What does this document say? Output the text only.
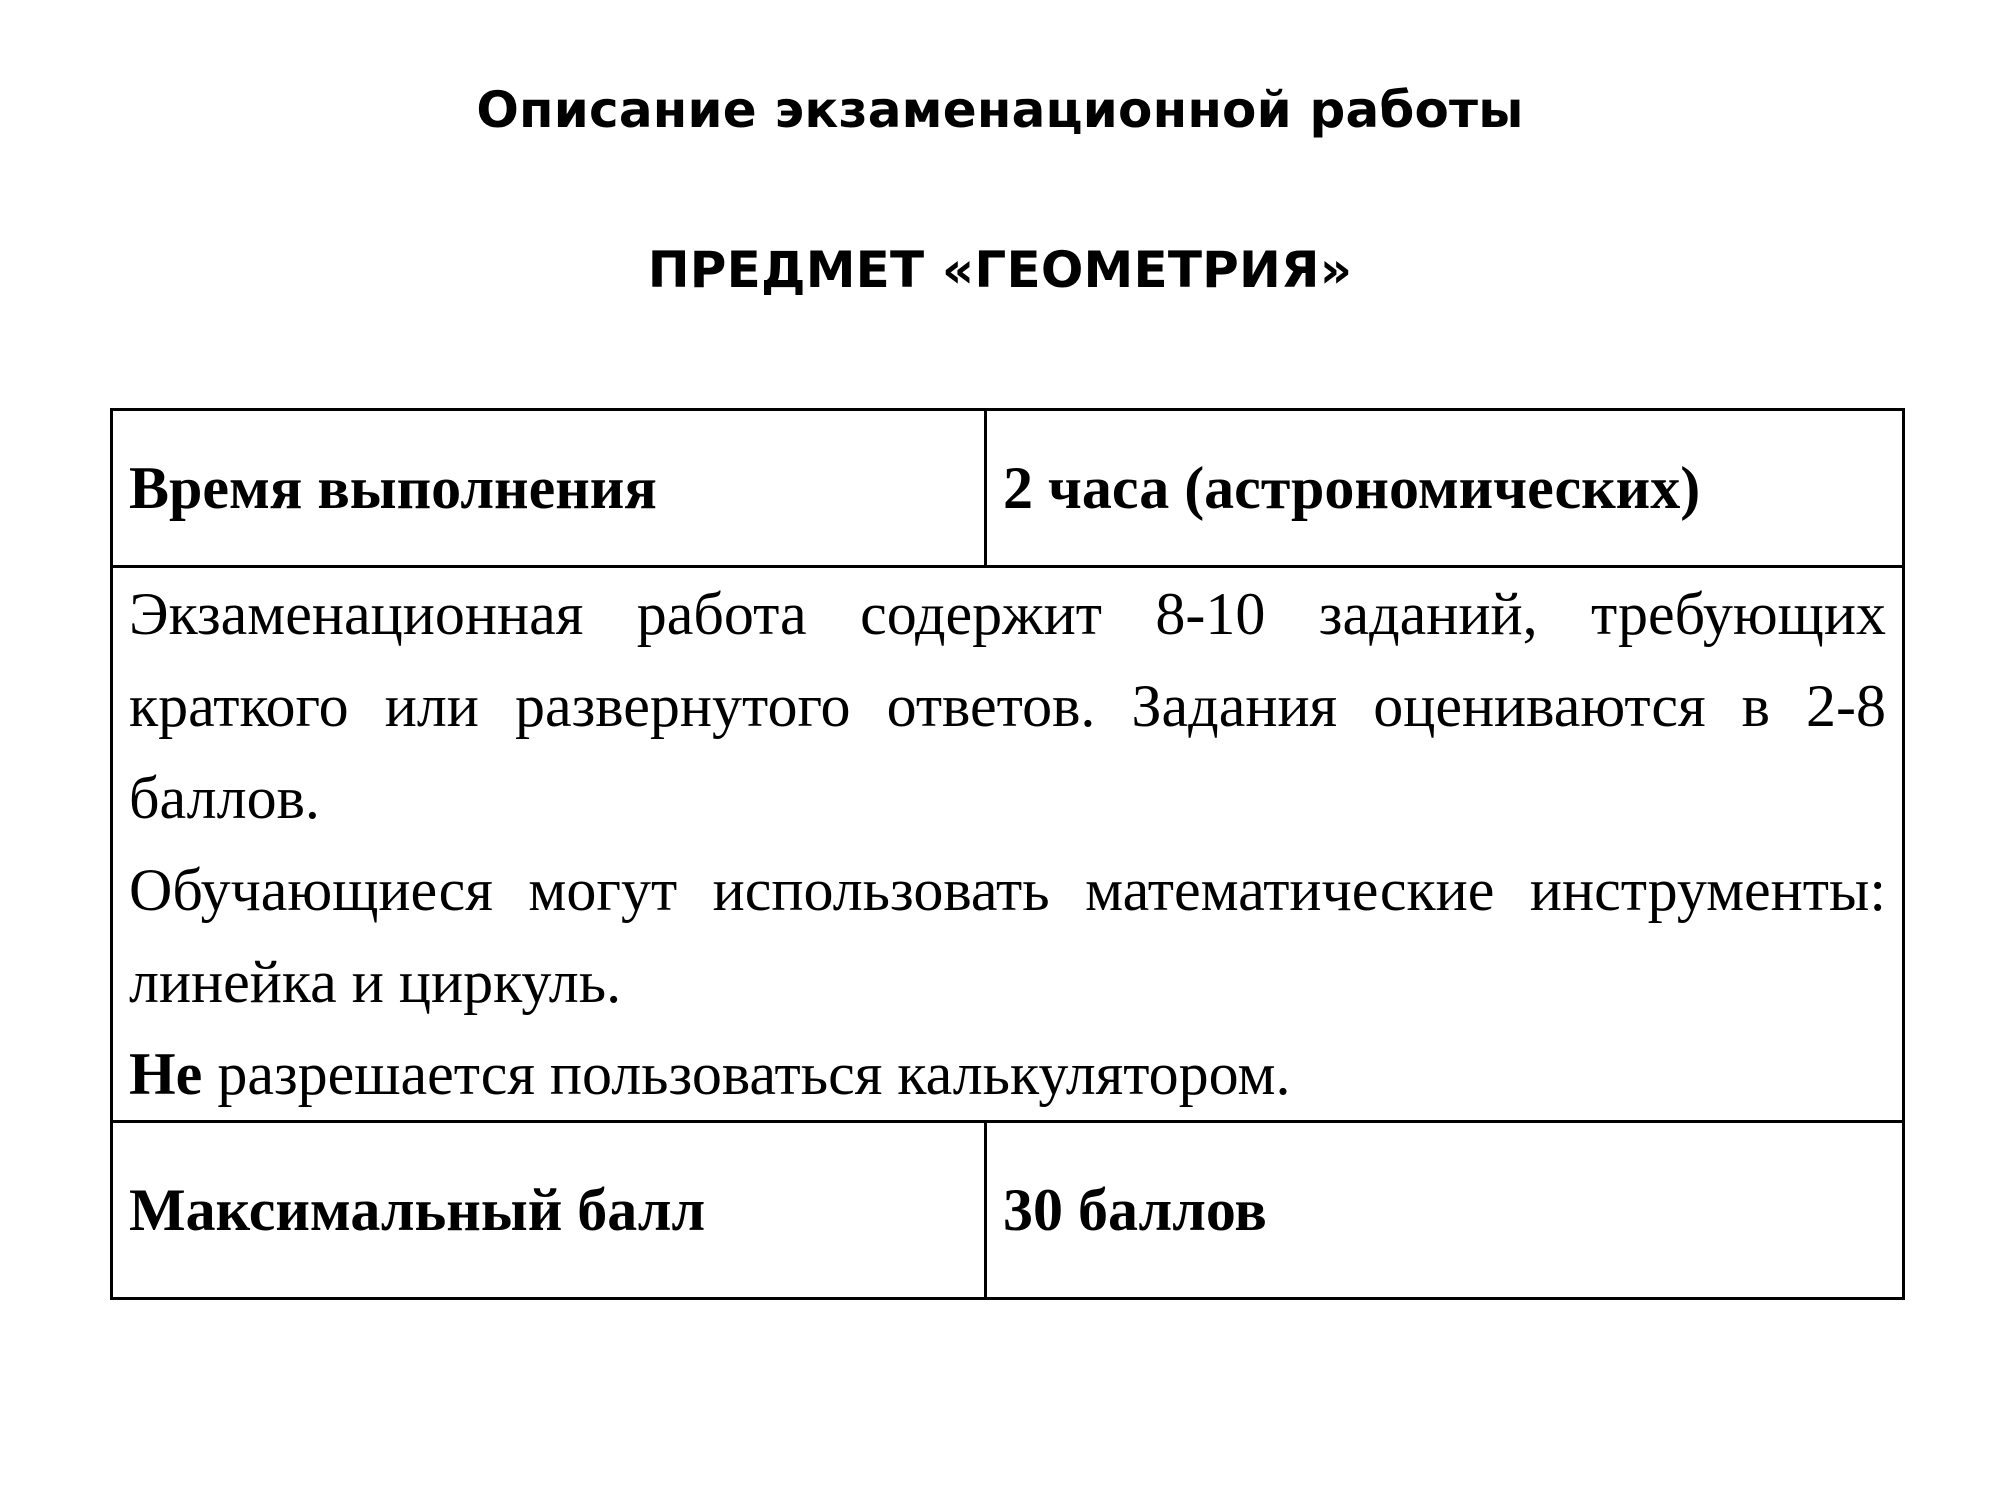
Описание экзаменационной работы
ПРЕДМЕТ «ГЕОМЕТРИЯ»
Время выполнения	2 часа (астрономических)

Экзаменационная работа содержит 8-10 заданий, требующих краткого или развернутого ответов. Задания оцениваются в 2-8 баллов.

Обучающиеся могут использовать математические инструменты: линейка и циркуль.

Не разрешается пользоваться калькулятором.	

Максимальный балл	30 баллов
